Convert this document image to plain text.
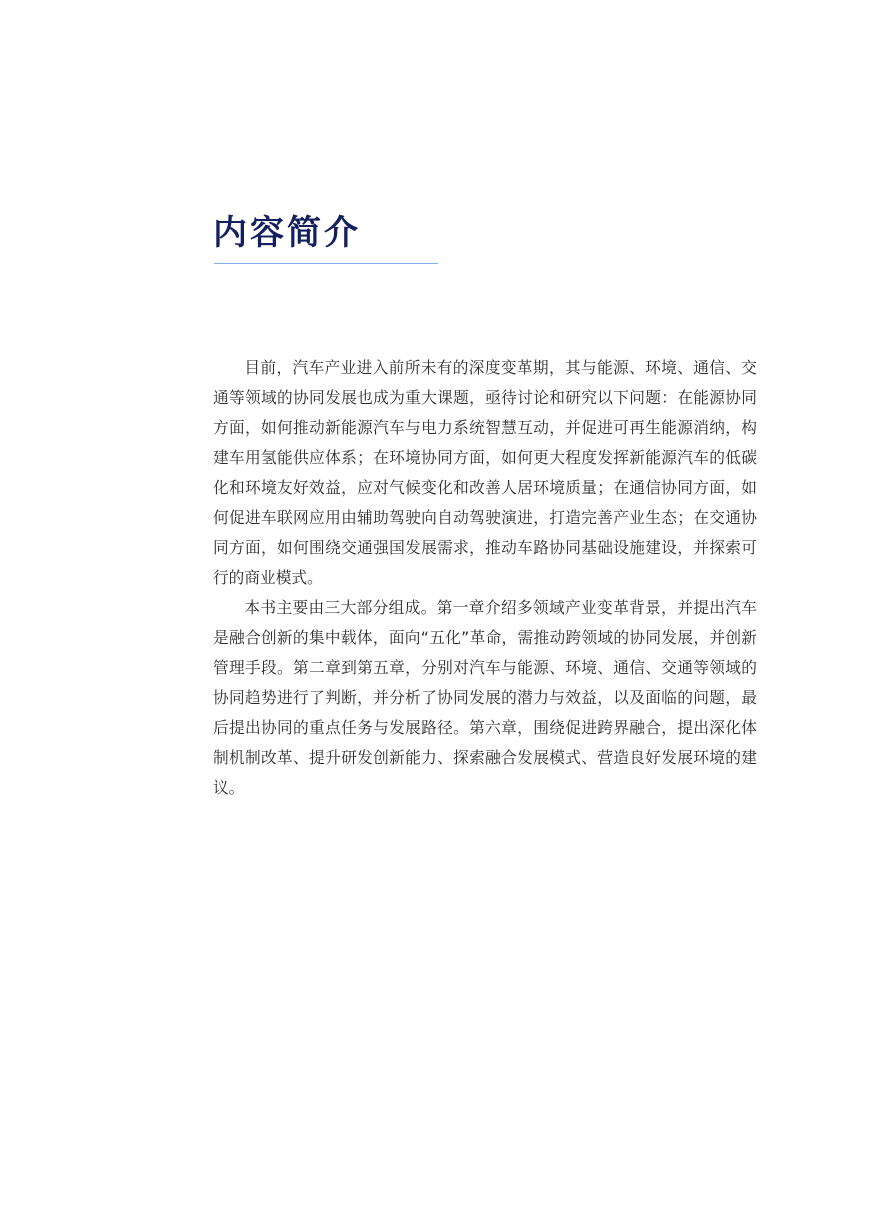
内容简介

目前，汽车产业进入前所未有的深度变革期，其与能源、环境、通信、交通等领域的协同发展也成为重大课题，亟待讨论和研究以下问题：在能源协同方面，如何推动新能源汽车与电力系统智慧互动，并促进可再生能源消纳，构建车用氢能供应体系；在环境协同方面，如何更大程度发挥新能源汽车的低碳化和环境友好效益，应对气候变化和改善人居环境质量；在通信协同方面，如何促进车联网应用由辅助驾驶向自动驾驶演进，打造完善产业生态；在交通协同方面，如何围绕交通强国发展需求，推动车路协同基础设施建设，并探索可行的商业模式。

本书主要由三大部分组成。第一章介绍多领域产业变革背景，并提出汽车是融合创新的集中载体，面向“五化”革命，需推动跨领域的协同发展，并创新管理手段。第二章到第五章，分别对汽车与能源、环境、通信、交通等领域的协同趋势进行了判断，并分析了协同发展的潜力与效益，以及面临的问题，最后提出协同的重点任务与发展路径。第六章，围绕促进跨界融合，提出深化体制机制改革、提升研发创新能力、探索融合发展模式、营造良好发展环境的建议。
